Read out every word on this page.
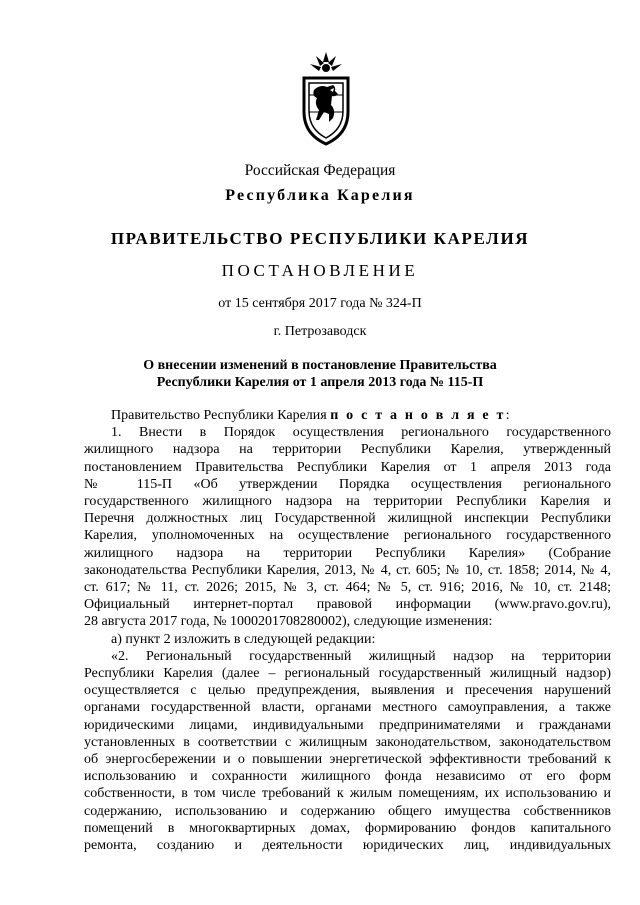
Российская Федерация
Республика Карелия
ПРАВИТЕЛЬСТВО РЕСПУБЛИКИ КАРЕЛИЯ
ПОСТАНОВЛЕНИЕ
от 15 сентября 2017 года № 324-П
г. Петрозаводск
О внесении изменений в постановление Правительства
Республики Карелия от 1 апреля 2013 года № 115-П

Правительство Республики Карелия п о с т а н о в л я е т:

1. Внести в Порядок осуществления регионального государственного

жилищного надзора на территории Республики Карелия, утвержденный

постановлением Правительства Республики Карелия от 1 апреля 2013 года

№ 115-П «Об утверждении Порядка осуществления регионального

государственного жилищного надзора на территории Республики Карелия и

Перечня должностных лиц Государственной жилищной инспекции Республики

Карелия, уполномоченных на осуществление регионального государственного

жилищного надзора на территории Республики Карелия» (Собрание

законодательства Республики Карелия, 2013, № 4, ст. 605; № 10, ст. 1858; 2014, № 4,

ст. 617; № 11, ст. 2026; 2015, № 3, ст. 464; № 5, ст. 916; 2016, № 10, ст. 2148;

Официальный интернет-портал правовой информации (www.pravo.gov.ru),

28 августа 2017 года, № 1000201708280002), следующие изменения:

а) пункт 2 изложить в следующей редакции:

«2. Региональный государственный жилищный надзор на территории

Республики Карелия (далее – региональный государственный жилищный надзор)

осуществляется с целью предупреждения, выявления и пресечения нарушений

органами государственной власти, органами местного самоуправления, а также

юридическими лицами, индивидуальными предпринимателями и гражданами

установленных в соответствии с жилищным законодательством, законодательством

об энергосбережении и о повышении энергетической эффективности требований к

использованию и сохранности жилищного фонда независимо от его форм

собственности, в том числе требований к жилым помещениям, их использованию и

содержанию, использованию и содержанию общего имущества собственников

помещений в многоквартирных домах, формированию фондов капитального

ремонта, созданию и деятельности юридических лиц, индивидуальных
